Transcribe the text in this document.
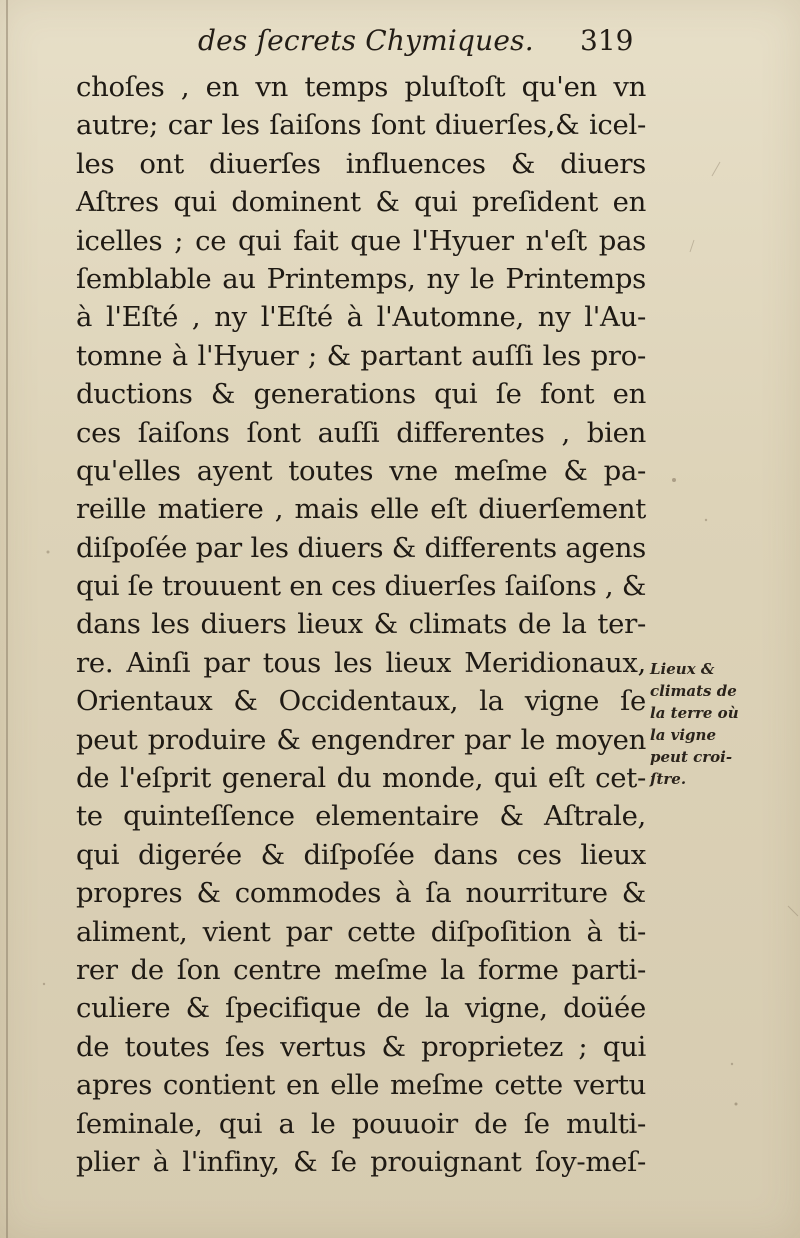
des ſecrets Chymiques. 319
choſes , en vn temps pluſtoſt qu'en vn
autre; car les ſaiſons ſont diuerſes,& icel-
les ont diuerſes influences & diuers
Aſtres qui dominent & qui preſident en
icelles ; ce qui fait que l'Hyuer n'eſt pas
ſemblable au Printemps, ny le Printemps
à l'Eſté , ny l'Eſté à l'Automne, ny l'Au-
tomne à l'Hyuer ; & partant auſſi les pro-
ductions & generations qui ſe font en
ces ſaiſons ſont auſſi differentes , bien
qu'elles ayent toutes vne meſme & pa-
reille matiere , mais elle eſt diuerſement
diſpoſée par les diuers & differents agens
qui ſe trouuent en ces diuerſes ſaiſons , &
dans les diuers lieux & climats de la ter-
re. Ainſi par tous les lieux Meridionaux,
Orientaux & Occidentaux, la vigne ſe
peut produire & engendrer par le moyen
de l'eſprit general du monde, qui eſt cet-
te quinteſſence elementaire & Aſtrale,
qui digerée & diſpoſée dans ces lieux
propres & commodes à ſa nourriture &
aliment, vient par cette diſpoſition à ti-
rer de ſon centre meſme la forme parti-
culiere & ſpecifique de la vigne, doüée
de toutes ſes vertus & proprietez ; qui
apres contient en elle meſme cette vertu
ſeminale, qui a le pouuoir de ſe multi-
plier à l'infiny, & ſe prouignant ſoy-meſ-
Lieux &
climats de
la terre où
la vigne
peut croi-
ſtre.
